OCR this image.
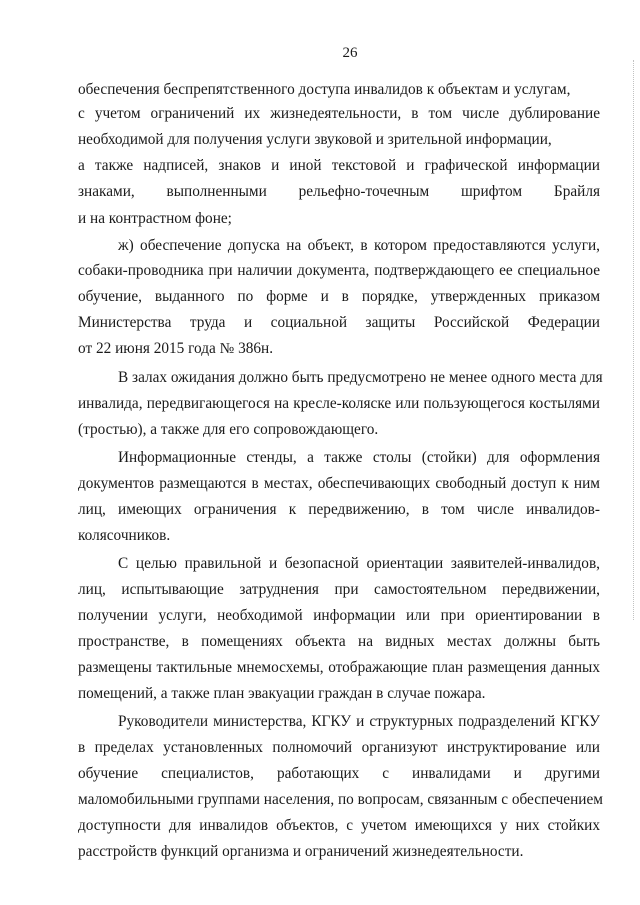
26
обеспечения беспрепятственного доступа инвалидов к объектам и услугам,
с учетом ограничений их жизнедеятельности, в том числе дублирование
необходимой для получения услуги звуковой и зрительной информации,
а также надписей, знаков и иной текстовой и графической информации
знаками, выполненными рельефно-точечным шрифтом Брайля
и на контрастном фоне;
ж) обеспечение допуска на объект, в котором предоставляются услуги,
собаки-проводника при наличии документа, подтверждающего ее специальное
обучение, выданного по форме и в порядке, утвержденных приказом
Министерства труда и социальной защиты Российской Федерации
от 22 июня 2015 года № 386н.
В залах ожидания должно быть предусмотрено не менее одного места для
инвалида, передвигающегося на кресле-коляске или пользующегося костылями
(тростью), а также для его сопровождающего.
Информационные стенды, а также столы (стойки) для оформления
документов размещаются в местах, обеспечивающих свободный доступ к ним
лиц, имеющих ограничения к передвижению, в том числе инвалидов-
колясочников.
С целью правильной и безопасной ориентации заявителей-инвалидов,
лиц, испытывающие затруднения при самостоятельном передвижении,
получении услуги, необходимой информации или при ориентировании в
пространстве, в помещениях объекта на видных местах должны быть
размещены тактильные мнемосхемы, отображающие план размещения данных
помещений, а также план эвакуации граждан в случае пожара.
Руководители министерства, КГКУ и структурных подразделений КГКУ
в пределах установленных полномочий организуют инструктирование или
обучение специалистов, работающих с инвалидами и другими
маломобильными группами населения, по вопросам, связанным с обеспечением
доступности для инвалидов объектов, с учетом имеющихся у них стойких
расстройств функций организма и ограничений жизнедеятельности.
